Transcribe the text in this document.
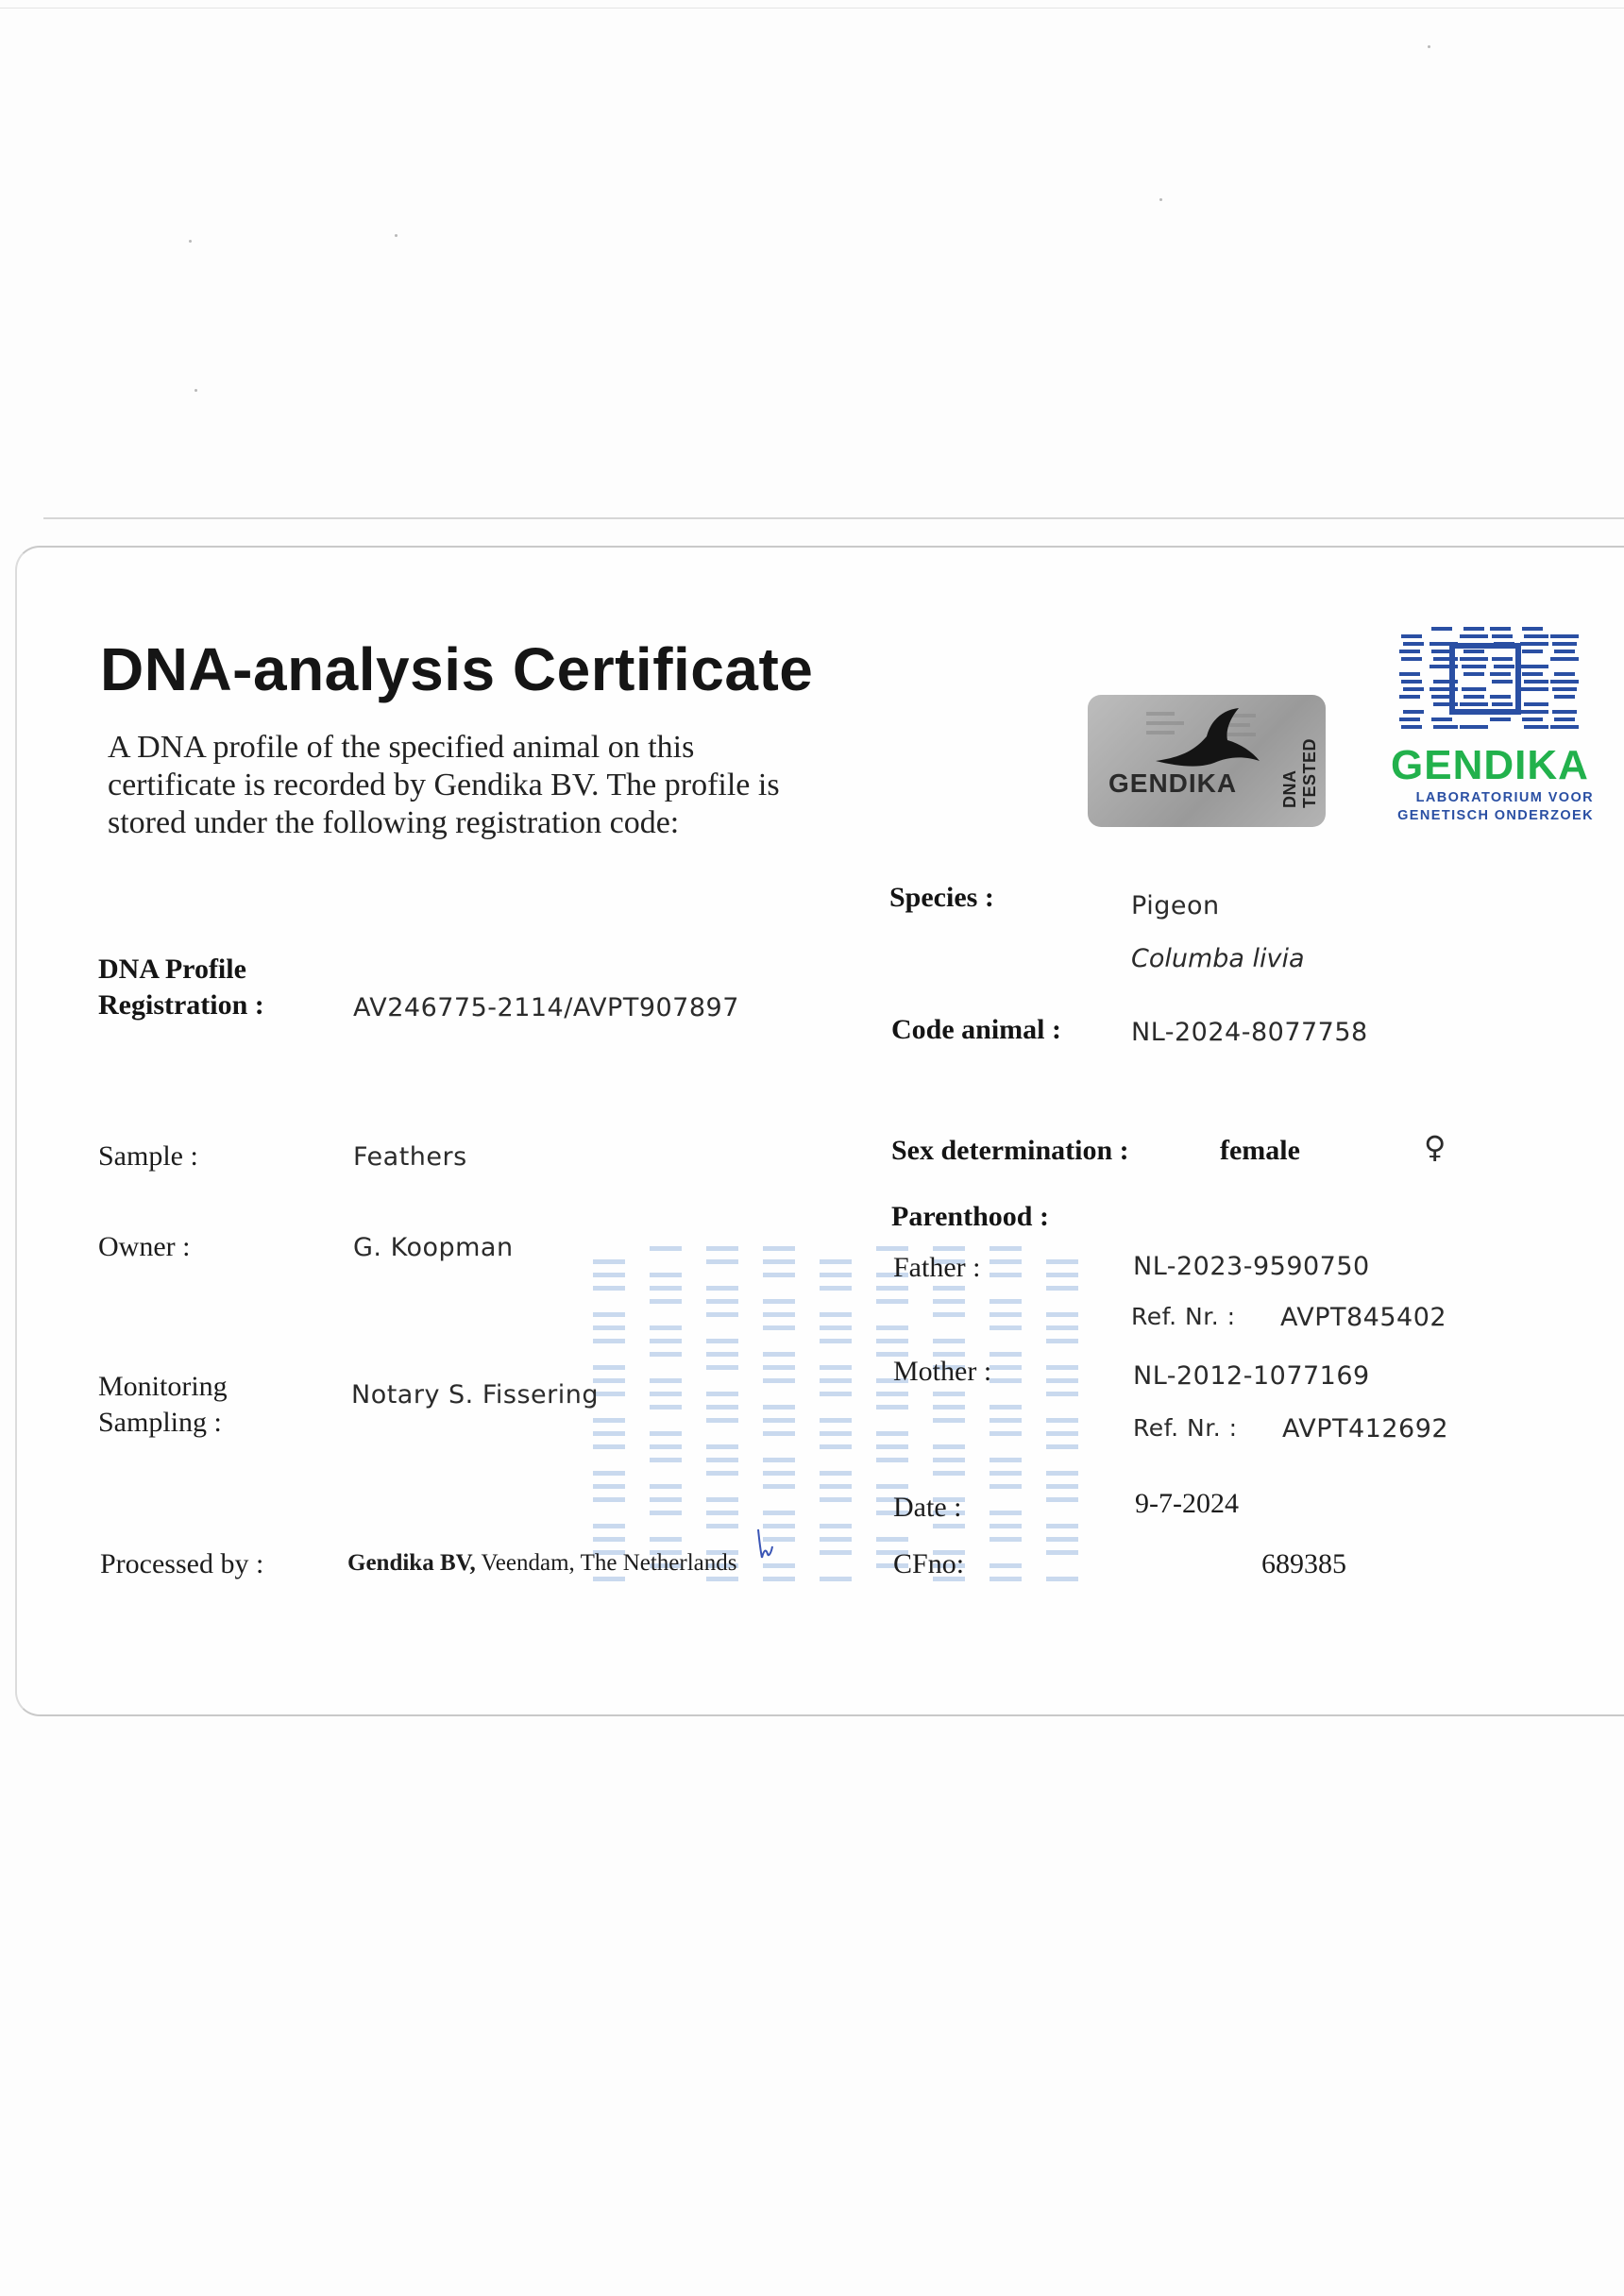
DNA-analysis Certificate
A DNA profile of the specified animal on this certificate is recorded by Gendika BV. The profile is stored under the following registration code:
DNA Profile
Registration :	AV246775-2114/AVPT907897
Sample :	Feathers
Owner :	G. Koopman
Monitoring
Sampling :
Notary S. Fissering
Processed by :	Gendika BV, Veendam, The Netherlands
Species :	Pigeon
Columba livia
Code animal :	NL-2024-8077758
Sex determination :	female	♀
Parenthood :
Father :	NL-2023-9590750
Ref. Nr. : AVPT845402
Mother :	NL-2012-1077169
Ref. Nr. : AVPT412692
Date :	9-7-2024
CFno:	689385
GENDIKA	DNA TESTED GENDIKA
LABORATORIUM VOOR
GENETISCH ONDERZOEK
